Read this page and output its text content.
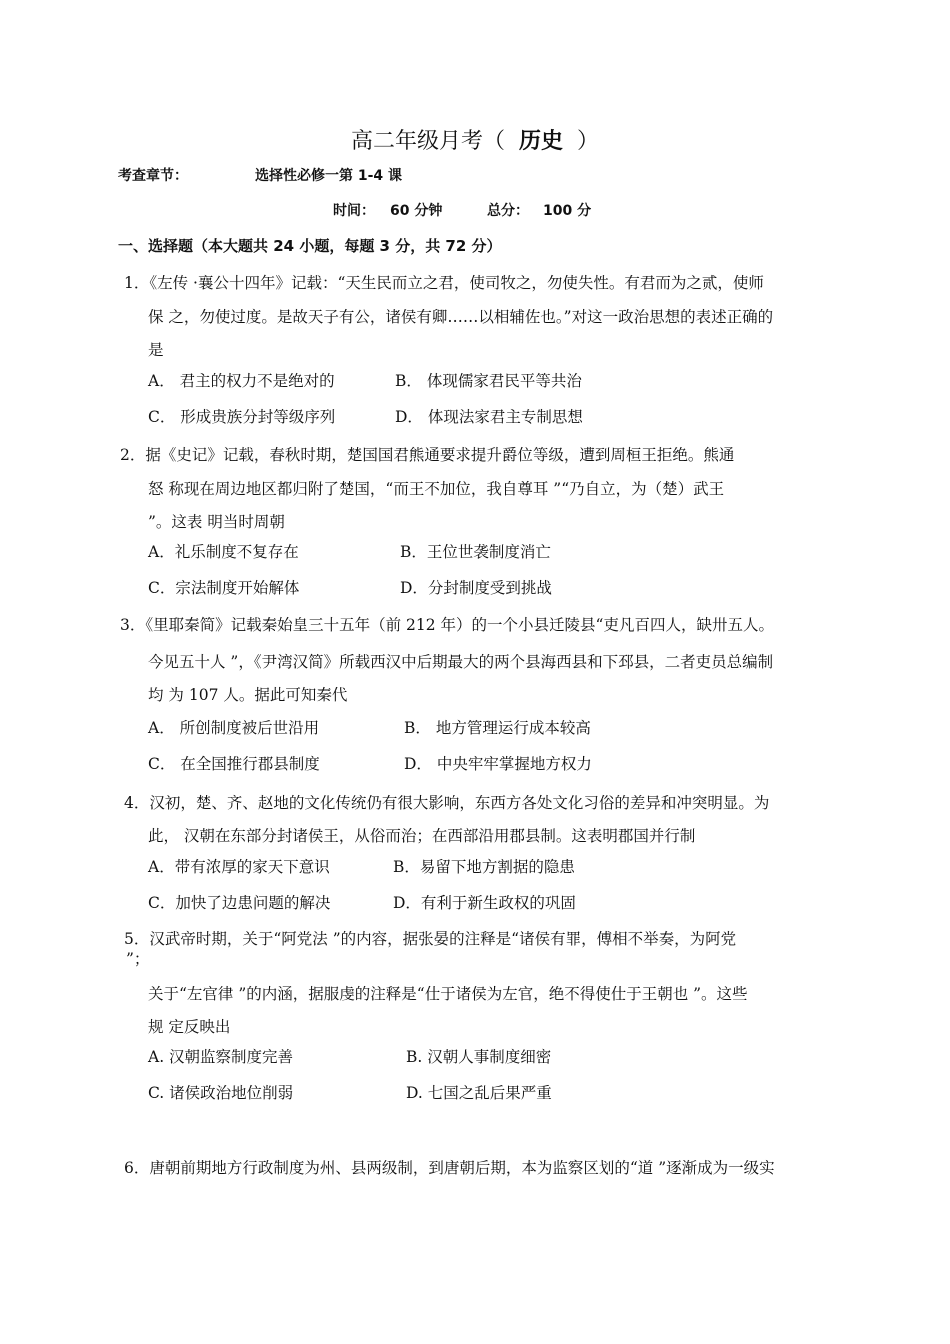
高二年级月考（ 历史 ）
考查章节：	选择性必修一第 1-4 课
时间： 60 分钟	总分： 100 分
一、选择题（本大题共 24 小题，每题 3 分，共 72 分）
1．《左传 ·襄公十四年》记载：“天生民而立之君，使司牧之，勿使失性。有君而为之贰，使师
保 之，勿使过度。是故天子有公，诸侯有卿……以相辅佐也。”对这一政治思想的表述正确的
是
A． 君主的权力不是绝对的	B． 体现儒家君民平等共治
C． 形成贵族分封等级序列	D． 体现法家君主专制思想
2．据《史记》记载，春秋时期，楚国国君熊通要求提升爵位等级，遭到周桓王拒绝。熊通
怒 称现在周边地区都归附了楚国，“而王不加位，我自尊耳 ”“乃自立，为（楚）武王
”。这表 明当时周朝
A．礼乐制度不复存在	B．王位世袭制度消亡
C．宗法制度开始解体	D．分封制度受到挑战
3．《里耶秦简》记载秦始皇三十五年（前 212 年）的一个小县迁陵县“吏凡百四人，缺卅五人。
今见五十人 ”，《尹湾汉简》所载西汉中后期最大的两个县海西县和下邳县，二者吏员总编制
均 为 107 人。据此可知秦代
A． 所创制度被后世沿用	B． 地方管理运行成本较高
C． 在全国推行郡县制度	D． 中央牢牢掌握地方权力
4．汉初，楚、齐、赵地的文化传统仍有很大影响，东西方各处文化习俗的差异和冲突明显。为
此， 汉朝在东部分封诸侯王，从俗而治；在西部沿用郡县制。这表明郡国并行制
A．带有浓厚的家天下意识	B．易留下地方割据的隐患
C．加快了边患问题的解决	D．有利于新生政权的巩固
5．汉武帝时期，关于“阿党法 ”的内容，据张晏的注释是“诸侯有罪，傅相不举奏，为阿党
”；
关于“左官律 ”的内涵，据服虔的注释是“仕于诸侯为左官，绝不得使仕于王朝也 ”。这些
规 定反映出
A. 汉朝监察制度完善	B. 汉朝人事制度细密
C. 诸侯政治地位削弱	D. 七国之乱后果严重
6．唐朝前期地方行政制度为州、县两级制，到唐朝后期，本为监察区划的“道 ”逐渐成为一级实
